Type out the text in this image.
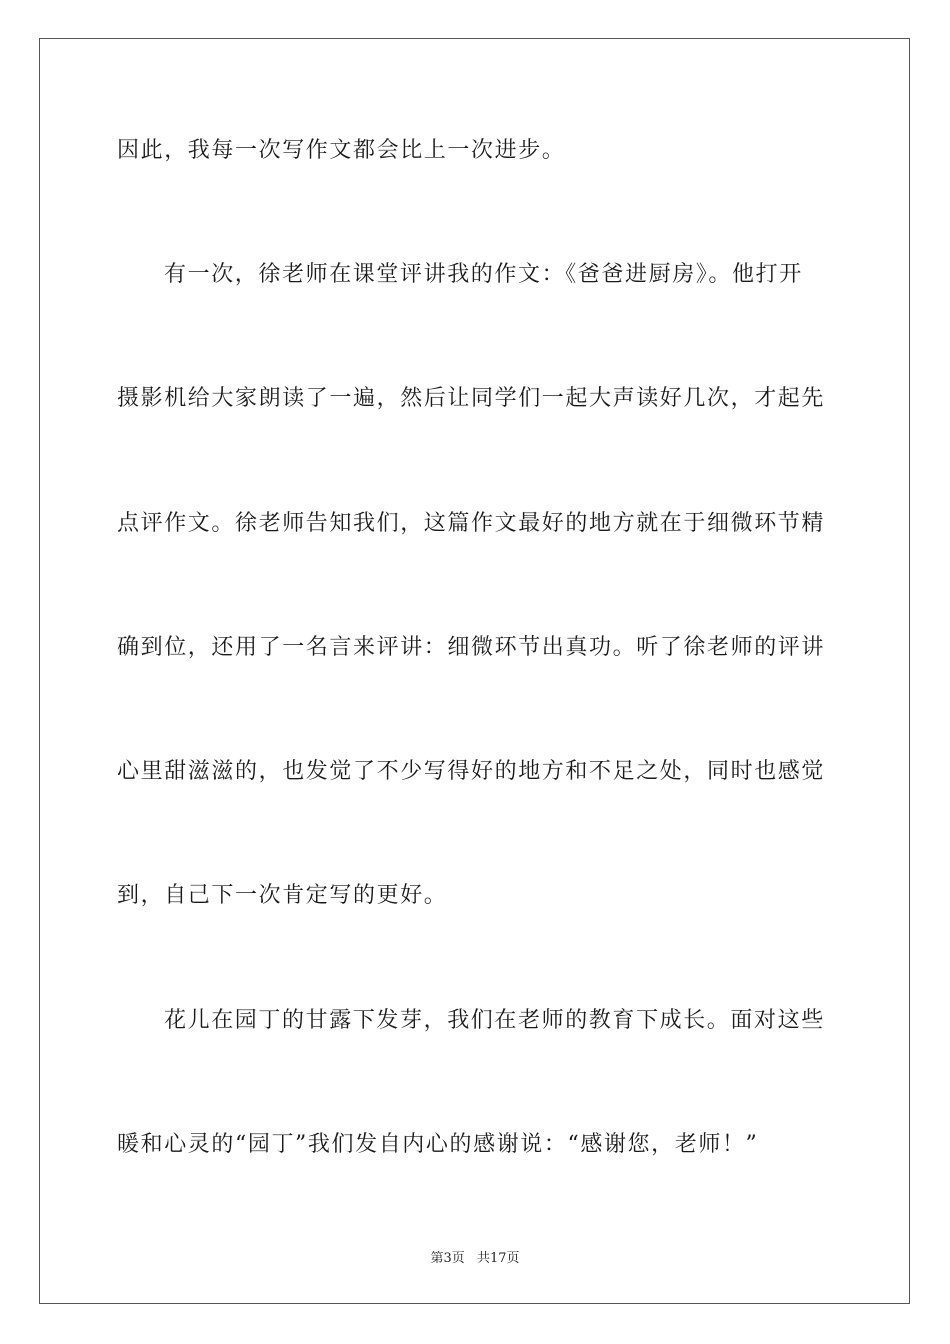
因此，我每一次写作文都会比上一次进步。
有一次，徐老师在课堂评讲我的作文：《爸爸进厨房》。他打开
摄影机给大家朗读了一遍，然后让同学们一起大声读好几次，才起先
点评作文。徐老师告知我们，这篇作文最好的地方就在于细微环节精
确到位，还用了一名言来评讲：细微环节出真功。听了徐老师的评讲
心里甜滋滋的，也发觉了不少写得好的地方和不足之处，同时也感觉
到，自己下一次肯定写的更好。
花儿在园丁的甘露下发芽，我们在老师的教育下成长。面对这些
暖和心灵的“园丁”我们发自内心的感谢说：“感谢您，老师！”
第3页 共17页
